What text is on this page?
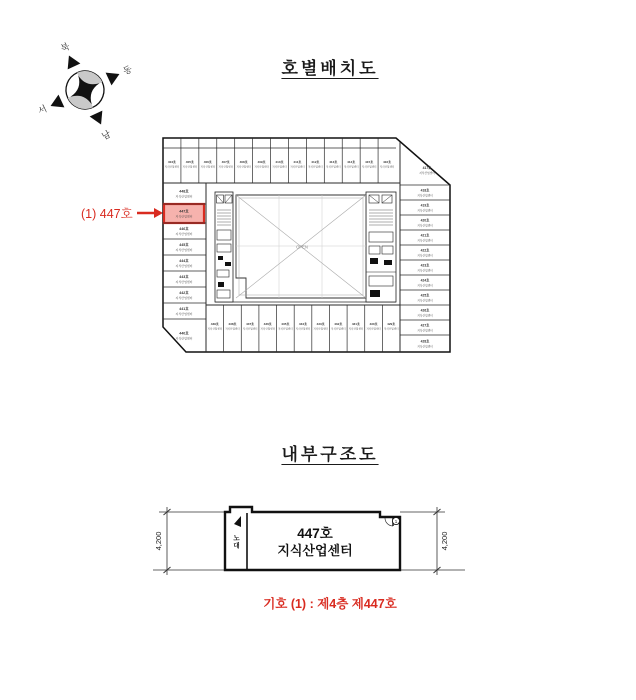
북
동
남
서
호별배치도
(1) 447호
OPEN
404호
지식산업센터
405호
지식산업센터
406호
지식산업센터
407호
지식산업센터
408호
지식산업센터
409호
지식산업센터
410호
지식산업센터
411호
지식산업센터
412호
지식산업센터
413호
지식산업센터
414호
지식산업센터
415호
지식산업센터
416호
지식산업센터	417호
지식산업센터
418호
지식산업센터
419호
지식산업센터
420호
지식산업센터
421호
지식산업센터
422호
지식산업센터
423호
지식산업센터
424호
지식산업센터
425호
지식산업센터
426호
지식산업센터
427호
지식산업센터
428호
지식산업센터
439호
지식산업센터
438호
지식산업센터
437호
지식산업센터
436호
지식산업센터
435호
지식산업센터
434호
지식산업센터
433호
지식산업센터
432호
지식산업센터
431호
지식산업센터
430호
지식산업센터
429호
지식산업센터
448호
지식산업센터
447호
지식산업센터
446호
지식산업센터
445호
지식산업센터
444호
지식산업센터
443호
지식산업센터
442호
지식산업센터
441호
지식산업센터
440호
지식산업센터
내부구조도
4,200	4,200
노 대
1
447호
지식산업센터
기호 (1) : 제4층 제447호
